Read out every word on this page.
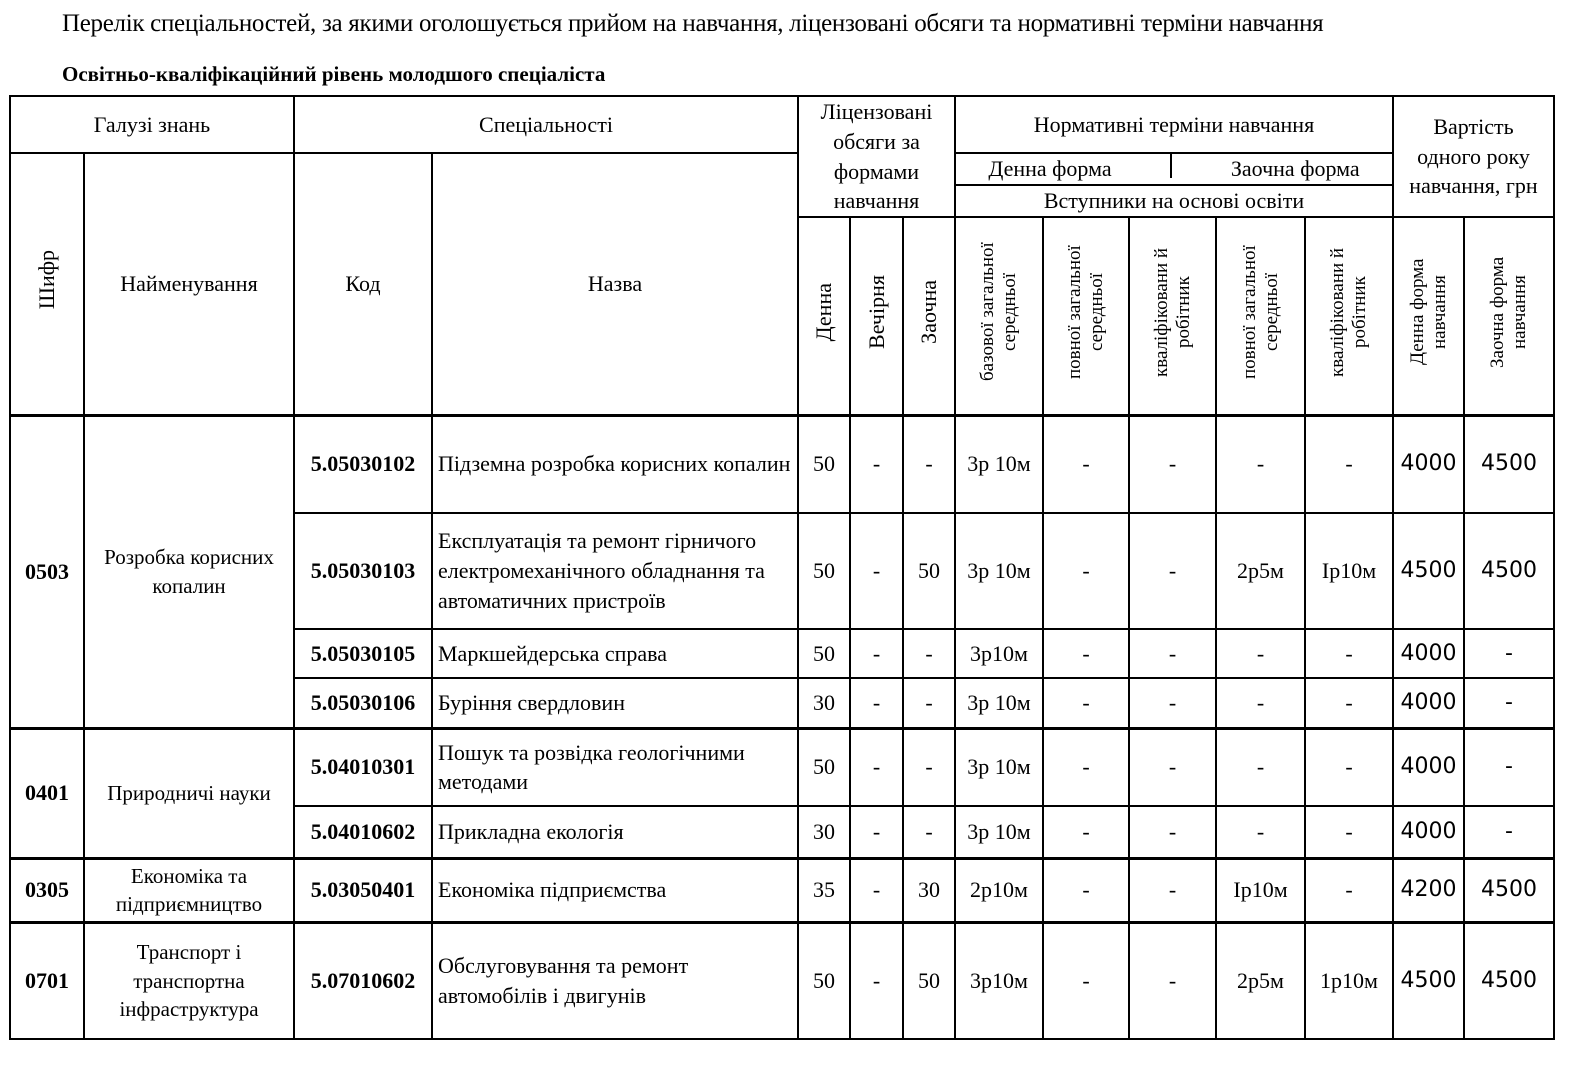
Перелік спеціальностей, за якими оголошується прийом на навчання, ліцензовані обсяги та нормативні терміни навчання
Освітньо-кваліфікаційний рівень молодшого спеціаліста
Галузі знань		Спеціальності		Ліцензовані обсяги за формами навчання			Нормативні терміни навчання					Вартість одного року навчання, грн	
Шифр	Найменування	Код	Назва				Денна форма Заочна форма						

							Вступники на основі освіти						
				Денна	Вечірня	Заочна	базової загальної середньої	повної загальної середньої	кваліфіковани й робітник	повної загальної середньої	кваліфіковани й робітник	Денна форма навчання	Заочна форма навчання
0503	Розробка корисних копалин	5.05030102	Підземна розробка корисних копалин	50	-	-	3р 10м	-	-	-	-	4000	4500
		5.05030103	Експлуатація та ремонт гірничого електромеханічного обладнання та автоматичних пристроїв	50	-	50	3р 10м	-	-	2р5м	Ір10м	4500	4500
		5.05030105	Маркшейдерська справа	50	-	-	3р10м	-	-	-	-	4000	-
		5.05030106	Буріння свердловин	30	-	-	3р 10м	-	-	-	-	4000	-
0401	Природничі науки	5.04010301	Пошук та розвідка геологічними методами	50	-	-	3р 10м	-	-	-	-	4000	-
		5.04010602	Прикладна екологія	30	-	-	3р 10м	-	-	-	-	4000	-
0305	Економіка та підприємництво	5.03050401	Економіка підприємства	35	-	30	2р10м	-	-	Ір10м	-	4200	4500
0701	Транспорт і транспортна інфраструктура	5.07010602	Обслуговування та ремонт автомобілів і двигунів	50	-	50	3р10м	-	-	2р5м	1р10м	4500	4500
